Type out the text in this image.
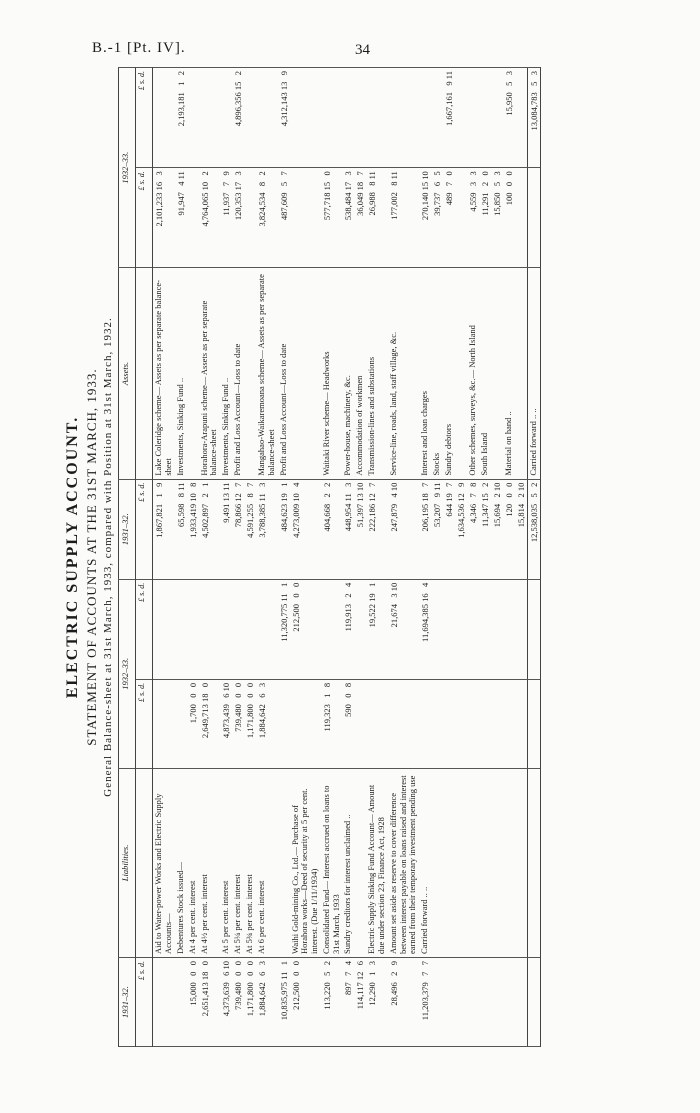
B.-1 [Pt. IV].	34
ELECTRIC SUPPLY ACCOUNT. STATEMENT OF ACCOUNTS AT THE 31ST MARCH, 1933. General Balance-sheet at 31st March, 1933, compared with Position at 31st March, 1932.
1931–32.	Liabilities.	1932–33.		1931–32.	Assets.	1932–33.	
£ s. d.		£ s. d.	£ s. d.	£ s. d.		£ s. d.	£ s. d.
	Aid to Water-power Works and Electric Supply Accounts—			1,867,821   1   9	Lake Coleridge scheme— Assets as per separate balance-sheet	2,101,233 16   3	
	Debentures Stock issued—			65,598   8 11	Investments, Sinking Fund ..	91,947   4 11	2,193,181   1   2
15,000   0   0	At 4 per cent. interest	1,700   0   0		1,933,419 10   8			
2,651,413 18   0	At 4½ per cent. interest	2,649,713 18   0		4,502,897   2   1	Horahora-Arapuni scheme— Assets as per separate balance-sheet	4,764,065 10   2	
4,373,639   6 10	At 5 per cent. interest	4,873,439   6 10		9,491 13 11	Investments, Sinking Fund ..	11,937   7   9	
739,480   0   0	At 5¼ per cent. interest	739,480   0   0		78,866 12   7	Profit and Loss Account—Loss to date	120,353 17   3	4,896,356 15   2
1,171,800   0   0	At 5¾ per cent. interest	1,171,800   0   0		4,591,255   8   7			
1,884,642   6   3	At 6 per cent. interest	1,884,642   6   3		3,788,385 11   3	Mangahao-Waikaremoana scheme— Assets as per separate balance-sheet	3,824,534   8   2	
10,835,975 11   1			11,320,775 11   1	484,623 19   1	Profit and Loss Account—Loss to date	487,609   5   7	4,312,143 13   9
212,500   0   0	Waihi Gold-mining Co., Ltd.— Purchase of Horahora works—Deed of security at 5 per cent. interest. (Due 1/11/1934)		212,500   0   0	4,273,009 10   4			
113,220   5   2	Consolidated Fund— Interest accrued on loans to 31st March, 1933	119,323   1   8		404,668   2   2	Waitaki River scheme— Headworks	577,718 15   0	
897   7   4	Sundry creditors for interest unclaimed ..	590   0   8	119,913   2   4	448,954 11   3	Power-house, machinery, &c.	538,484 17   3	
114,117 12   6				51,397 13 10	Accommodation of workmen	36,049 18   7	
12,290   1   3	Electric Supply Sinking Fund Account— Amount due under section 23, Finance Act, 1928		19,522 19   1	222,186 12   7	Transmission-lines and substations	26,988   8 11	
28,496   2   9	Amount set aside as reserve to cover difference between interest payable on loans raised and interest earned from their temporary investment pending use		21,674   3 10	247,879   4 10	Service-line, roads, land, staff village, &c.	177,002   8 11	
11,203,379   7   7	Carried forward .. ..		11,694,385 16   4	206,195 18   7	Interest and loan charges	270,140 15 10	
				53,207   9 11	Stocks	39,737   6   5	
				644 19   7	Sundry debtors	489   7   0	1,667,161   9 11
				1,634,536 12   9			
				4,346   7   8	Other schemes, surveys, &c.— North Island	4,559   3   3	
				11,347 15   2	South Island	11,291   2   0	
				15,694   2 10		15,850   5   3	
				120   0   0	Material on hand ..	100   0   0	15,950   5   3
				15,814   2 10			
				12,538,035   5   2	Carried forward .. ..		13,084,783   5   3
